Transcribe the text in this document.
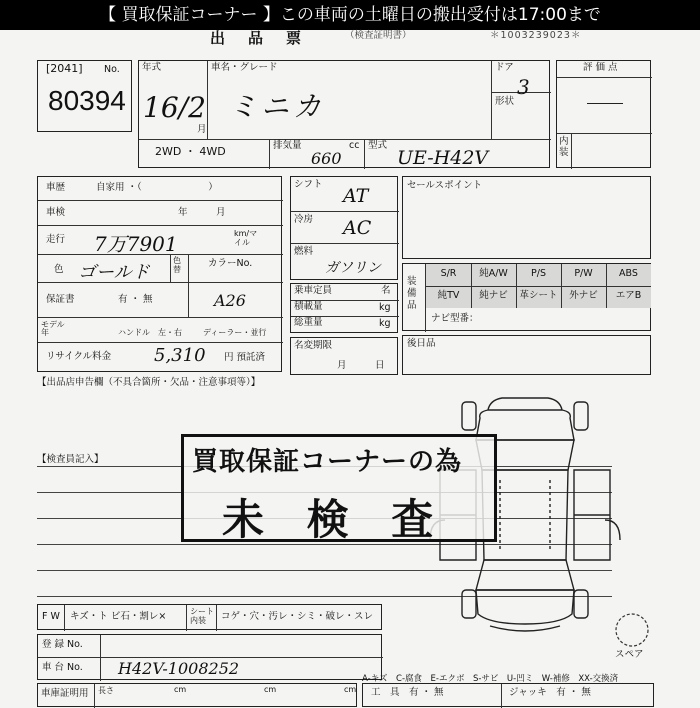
【 買取保証コーナー 】この車両の土曜日の搬出受付は17:00まで
出　品　票	（検査証明書）	＊1003239023＊
[2041] No.
80394
年式	車名・グレード	ドア
形状
16/2
月
ミニカ
3
2WD ・ 4WD	排気量	cc
660
型式
UE-H42V
評 価 点
内装
車歴	自家用 ・（　　　　　　　）
車検	年　　　月
走行 7万7901	km/マイル
色 ゴールド
色替
カラーNo.
保証書	有 ・ 無	A26
モデル年	ハンドル　左・右	ディーラー・並行
リサイクル料金 5,310 円 預託済
シフト
AT
冷房 AC
燃料
ガソリン
乗車定員	名
積載量	kg
総重量	kg
名変期限
月　　　日
セールスポイント
装備品
S/R	純A/W	P/S	P/W	ABS
純TV	純ナビ	革シート	外ナビ	エアB
ナビ型番：
後日品
【出品店申告欄（不具合箇所・欠品・注意事項等）】
【検査員記入】
スペア
買取保証コーナーの為
未 検 査
F W キズ・ト ビ石・割レ×	シート内装	コゲ・穴・汚レ・シミ・破レ・スレ
登 録 No.
車 台 No. H42V-1008252
A-キズ　C-腐食　E-エクボ　S-サビ　U-凹ミ　W-補修　XX-交換済
車庫証明用 長さ	cm	cm	cm 工　具　有 ・ 無	ジャッキ　有 ・ 無
